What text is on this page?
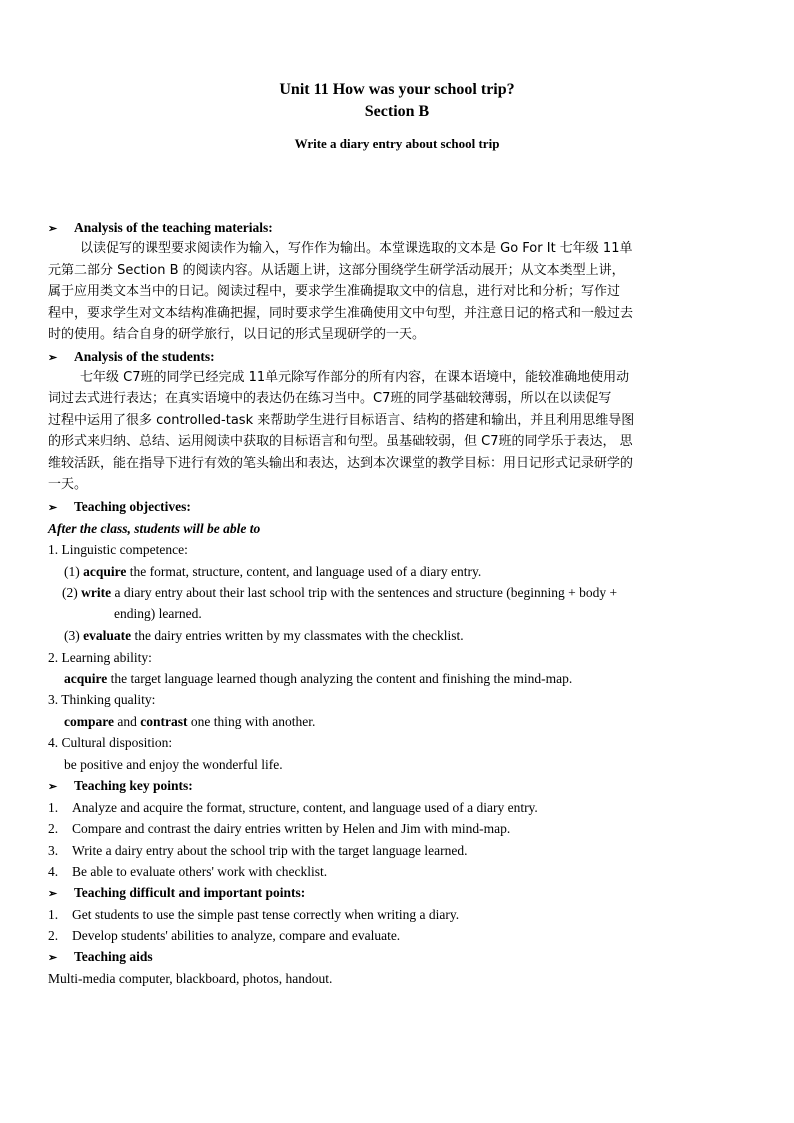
Unit 11 How was your school trip?
Section B
Write a diary entry about school trip
➢ Analysis of the teaching materials:
以读促写的课型要求阅读作为输入，写作作为输出。本堂课选取的文本是 Go For It 七年级 11单
元第二部分 Section B 的阅读内容。从话题上讲，这部分围绕学生研学活动展开；从文本类型上讲，
属于应用类文本当中的日记。阅读过程中，要求学生准确提取文中的信息，进行对比和分析；写作过
程中，要求学生对文本结构准确把握，同时要求学生准确使用文中句型，并注意日记的格式和一般过去
时的使用。结合自身的研学旅行，以日记的形式呈现研学的一天。
➢ Analysis of the students:
七年级 C7班的同学已经完成 11单元除写作部分的所有内容，在课本语境中，能较准确地使用动
词过去式进行表达；在真实语境中的表达仍在练习当中。C7班的同学基础较薄弱，所以在以读促写
过程中运用了很多 controlled-task 来帮助学生进行目标语言、结构的搭建和输出，并且利用思维导图
的形式来归纳、总结、运用阅读中获取的目标语言和句型。虽基础较弱，但 C7班的同学乐于表达， 思
维较活跃，能在指导下进行有效的笔头输出和表达，达到本次课堂的教学目标：用日记形式记录研学的
一天。
➢ Teaching objectives:
After the class, students will be able to
1. Linguistic competence:
(1) acquire the format, structure, content, and language used of a diary entry.
(2) write a diary entry about their last school trip with the sentences and structure (beginning + body +
ending) learned.
(3) evaluate the dairy entries written by my classmates with the checklist.
2. Learning ability:
acquire the target language learned though analyzing the content and finishing the mind-map.
3. Thinking quality:
compare and contrast one thing with another.
4. Cultural disposition:
be positive and enjoy the wonderful life.
➢ Teaching key points:
1. Analyze and acquire the format, structure, content, and language used of a diary entry.
2. Compare and contrast the dairy entries written by Helen and Jim with mind-map.
3. Write a dairy entry about the school trip with the target language learned.
4. Be able to evaluate others' work with checklist.
➢ Teaching difficult and important points:
1. Get students to use the simple past tense correctly when writing a diary.
2. Develop students' abilities to analyze, compare and evaluate.
➢ Teaching aids
Multi-media computer, blackboard, photos, handout.
